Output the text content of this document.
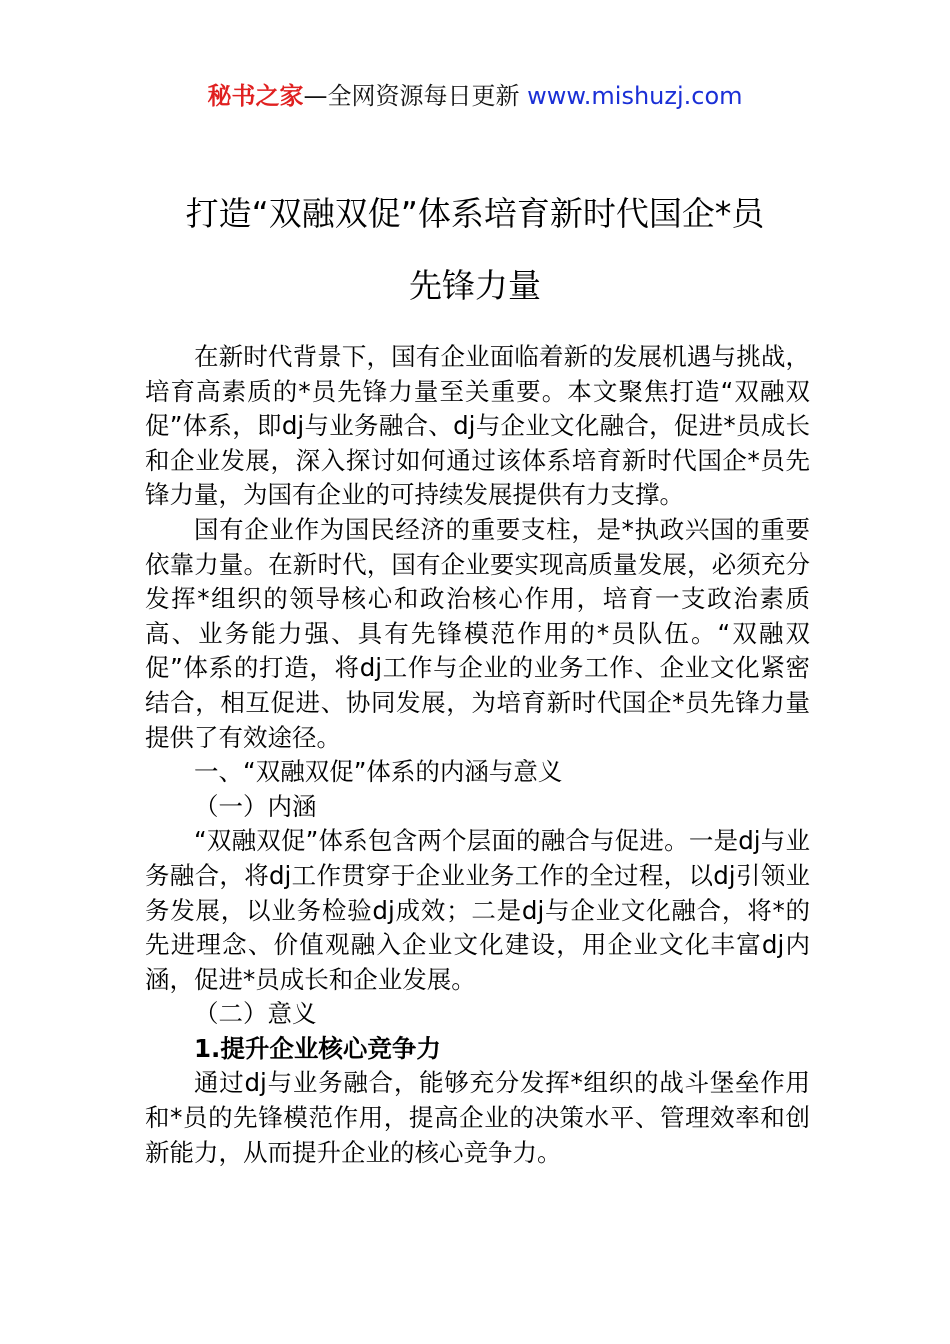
秘书之家—全网资源每日更新 www.mishuzj.com
打造“双融双促”体系培育新时代国企*员
先锋力量

在新时代背景下，国有企业面临着新的发展机遇与挑战，培育高素质的*员先锋力量至关重要。本文聚焦打造“双融双促”体系，即dj与业务融合、dj与企业文化融合，促进*员成长和企业发展，深入探讨如何通过该体系培育新时代国企*员先锋力量，为国有企业的可持续发展提供有力支撑。

国有企业作为国民经济的重要支柱，是*执政兴国的重要依靠力量。在新时代，国有企业要实现高质量发展，必须充分发挥*组织的领导核心和政治核心作用，培育一支政治素质高、业务能力强、具有先锋模范作用的*员队伍。“双融双促”体系的打造，将dj工作与企业的业务工作、企业文化紧密结合，相互促进、协同发展，为培育新时代国企*员先锋力量提供了有效途径。

一、“双融双促”体系的内涵与意义

（一）内涵

“双融双促”体系包含两个层面的融合与促进。一是dj与业务融合，将dj工作贯穿于企业业务工作的全过程，以dj引领业务发展，以业务检验dj成效；二是dj与企业文化融合，将*的先进理念、价值观融入企业文化建设，用企业文化丰富dj内涵，促进*员成长和企业发展。

（二）意义

1.提升企业核心竞争力

通过dj与业务融合，能够充分发挥*组织的战斗堡垒作用和*员的先锋模范作用，提高企业的决策水平、管理效率和创新能力，从而提升企业的核心竞争力。
